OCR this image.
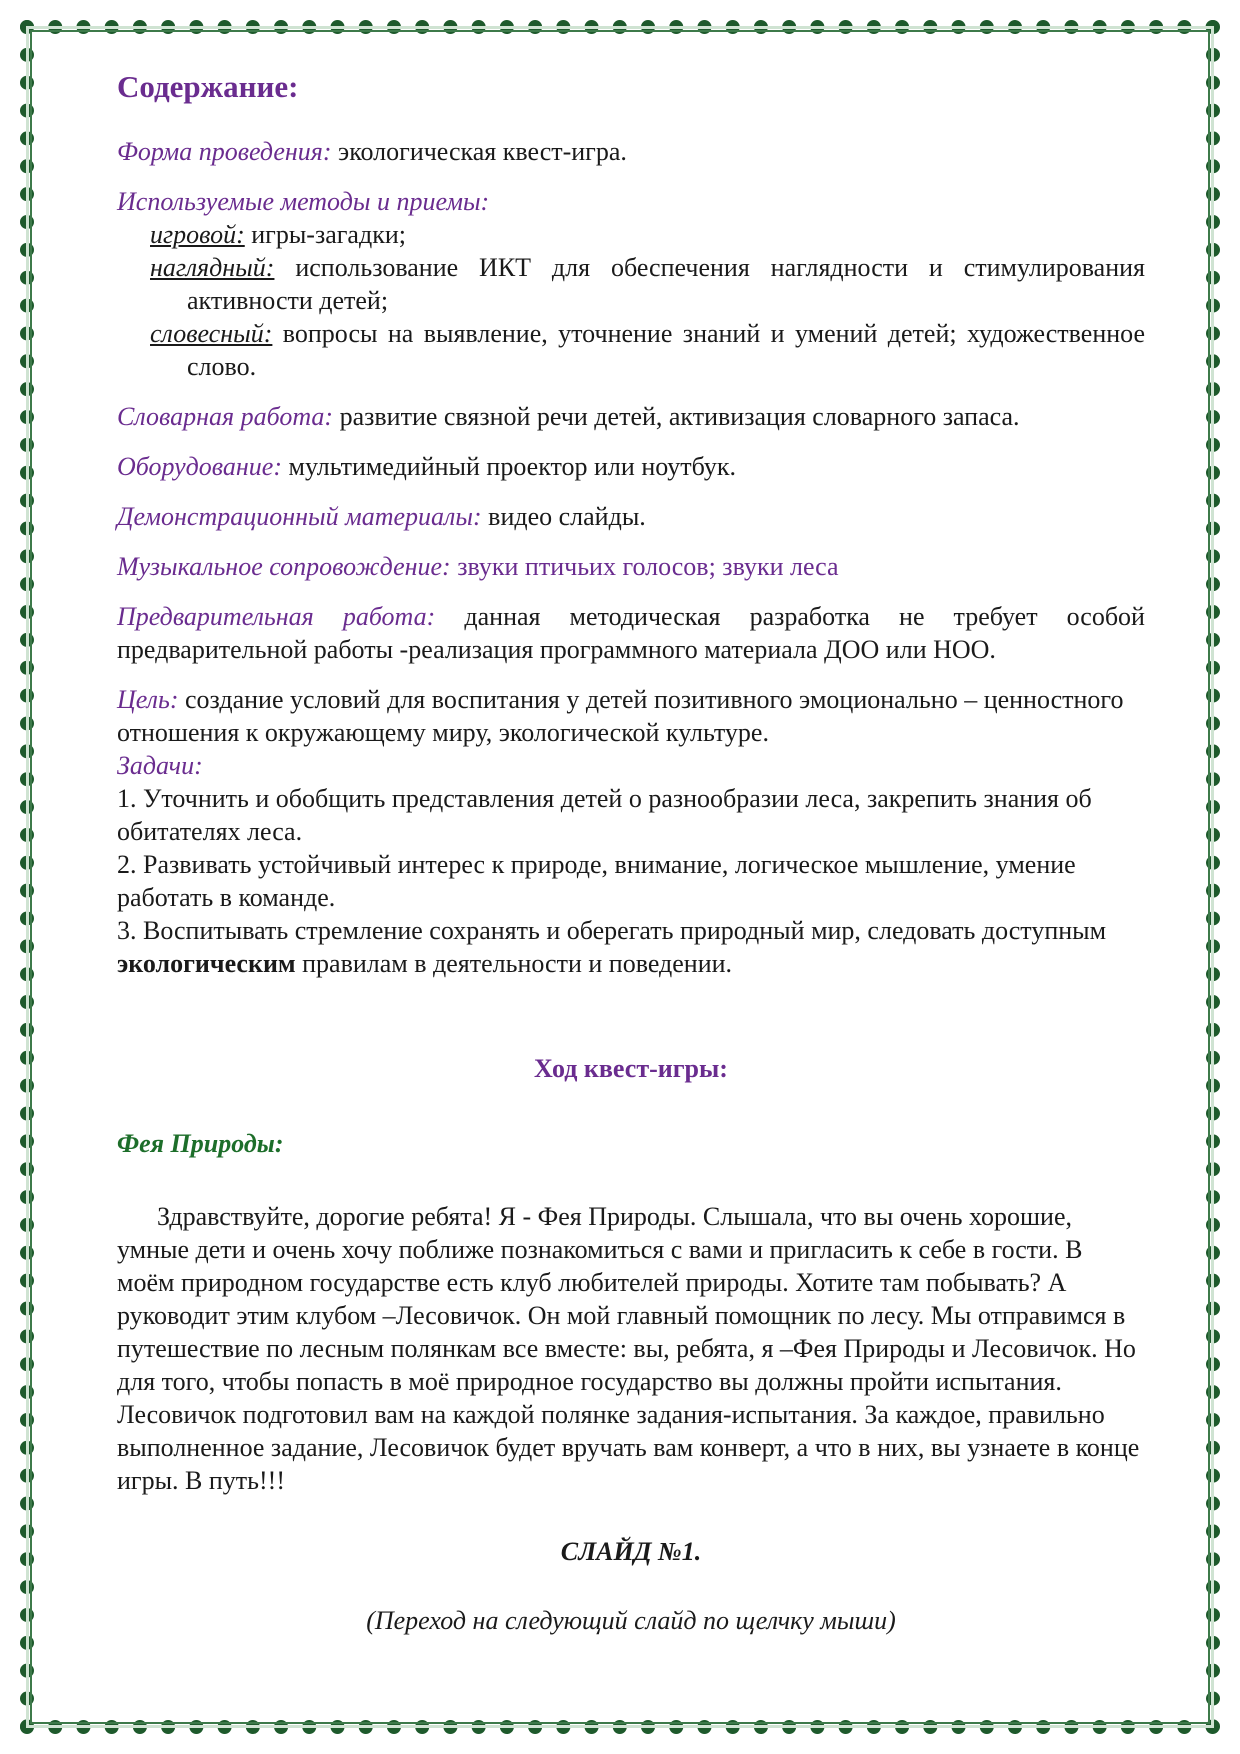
Содержание:
Форма проведения: экологическая квест-игра.
Используемые методы и приемы:
игровой: игры-загадки;
наглядный: использование ИКТ для обеспечения наглядности и стимулирования активности детей;
словесный: вопросы на выявление, уточнение знаний и умений детей; художественное слово.
Словарная работа: развитие связной речи детей, активизация словарного запаса.
Оборудование: мультимедийный проектор или ноутбук.
Демонстрационный материалы: видео слайды.
Музыкальное сопровождение: звуки птичьих голосов; звуки леса
Предварительная работа: данная методическая разработка не требует особой предварительной работы -реализация программного материала ДОО или НОО.
Цель: создание условий для воспитания у детей позитивного эмоционально – ценностного отношения к окружающему миру, экологической культуре.
Задачи:
1. Уточнить и обобщить представления детей о разнообразии леса, закрепить знания об обитателях леса.
2. Развивать устойчивый интерес к природе, внимание, логическое мышление, умение работать в команде.
3. Воспитывать стремление сохранять и оберегать природный мир, следовать доступным экологическим правилам в деятельности и поведении.
Ход квест-игры:
Фея Природы:
Здравствуйте, дорогие ребята! Я - Фея Природы. Слышала, что вы очень хорошие, умные дети и очень хочу поближе познакомиться с вами и пригласить к себе в гости. В моём природном государстве есть клуб любителей природы. Хотите там побывать? А руководит этим клубом –Лесовичок. Он мой главный помощник по лесу. Мы отправимся в путешествие по лесным полянкам все вместе: вы, ребята, я –Фея Природы и Лесовичок. Но для того, чтобы попасть в моё природное государство вы должны пройти испытания. Лесовичок подготовил вам на каждой полянке задания-испытания. За каждое, правильно выполненное задание, Лесовичок будет вручать вам конверт, а что в них, вы узнаете в конце игры. В путь!!!
СЛАЙД №1.
(Переход на следующий слайд по щелчку мыши)
